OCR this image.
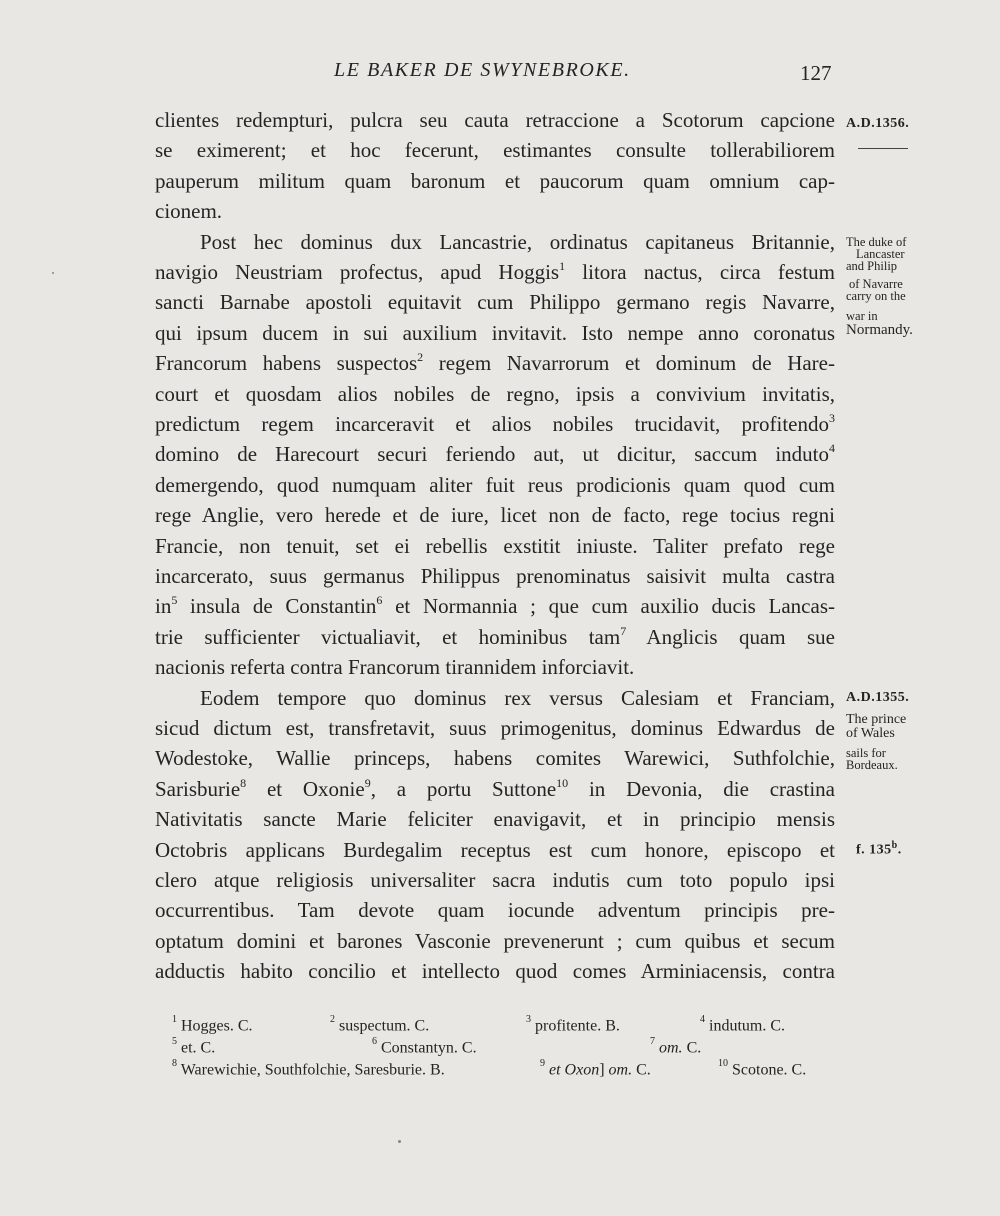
LE BAKER DE SWYNEBROKE.	127
clientes redempturi, pulcra seu cauta retraccione a Scotorum capcione
se eximerent; et hoc fecerunt, estimantes consulte tollerabiliorem
pauperum militum quam baronum et paucorum quam omnium cap-
cionem.
Post hec dominus dux Lancastrie, ordinatus capitaneus Britannie,
navigio Neustriam profectus, apud Hoggis$^1$ litora nactus, circa festum
sancti Barnabe apostoli equitavit cum Philippo germano regis Navarre,
qui ipsum ducem in sui auxilium invitavit. Isto nempe anno coronatus
Francorum habens suspectos$^2$ regem Navarrorum et dominum de Hare-
court et quosdam alios nobiles de regno, ipsis a convivium invitatis,
predictum regem incarceravit et alios nobiles trucidavit, profitendo$^3$
domino de Harecourt securi feriendo aut, ut dicitur, saccum induto$^4$
demergendo, quod numquam aliter fuit reus prodicionis quam quod cum
rege Anglie, vero herede et de iure, licet non de facto, rege tocius regni
Francie, non tenuit, set ei rebellis exstitit iniuste. Taliter prefato rege
incarcerato, suus germanus Philippus prenominatus saisivit multa castra
$in^5$ insula de Constantin$^6$ et Normannia ; que cum auxilio ducis Lancas-
trie sufficienter victualiavit, et hominibus tam$^7$ Anglicis quam sue
nacionis referta contra Francorum tirannidem inforciavit.
Eodem tempore quo dominus rex versus Calesiam et Franciam,
sicud dictum est, transfretavit, suus primogenitus, dominus Edwardus de
Wodestoke, Wallie princeps, habens comites Warewici, Suthfolchie,
Sarisburie$^8$ et Oxonie$^9$, a portu Suttone$^{10}$ in Devonia, die crastina
Nativitatis sancte Marie feliciter enavigavit, et in principio mensis
Octobris applicans Burdegalim receptus est cum honore, episcopo et
clero atque religiosis universaliter sacra indutis cum toto populo ipsi
occurrentibus. Tam devote quam iocunde adventum principis pre-
optatum domini et barones Vasconie prevenerunt ; cum quibus et secum
adductis habito concilio et intellecto quod comes Arminiacensis, contra
A.D.1356.
The duke of
Lancaster
and Philip
of Navarre
carry on the
war in
Normandy.
A.D.1355.
The prince
of Wales
sails for
Bordeaux.
f. 135$^b$.
$^1$ Hogges. C.	$^2$ suspectum. C.	$^3$ profitente. B.	$^4$ indutum. C.
$^5$ et. C.	$^6$ Constantyn. C.	$^7$ om. C.
$^8$ Warewichie, Southfolchie, Saresburie. B.	$^9$ et Oxon] om. C.	$^{10}$ Scotone. C.
